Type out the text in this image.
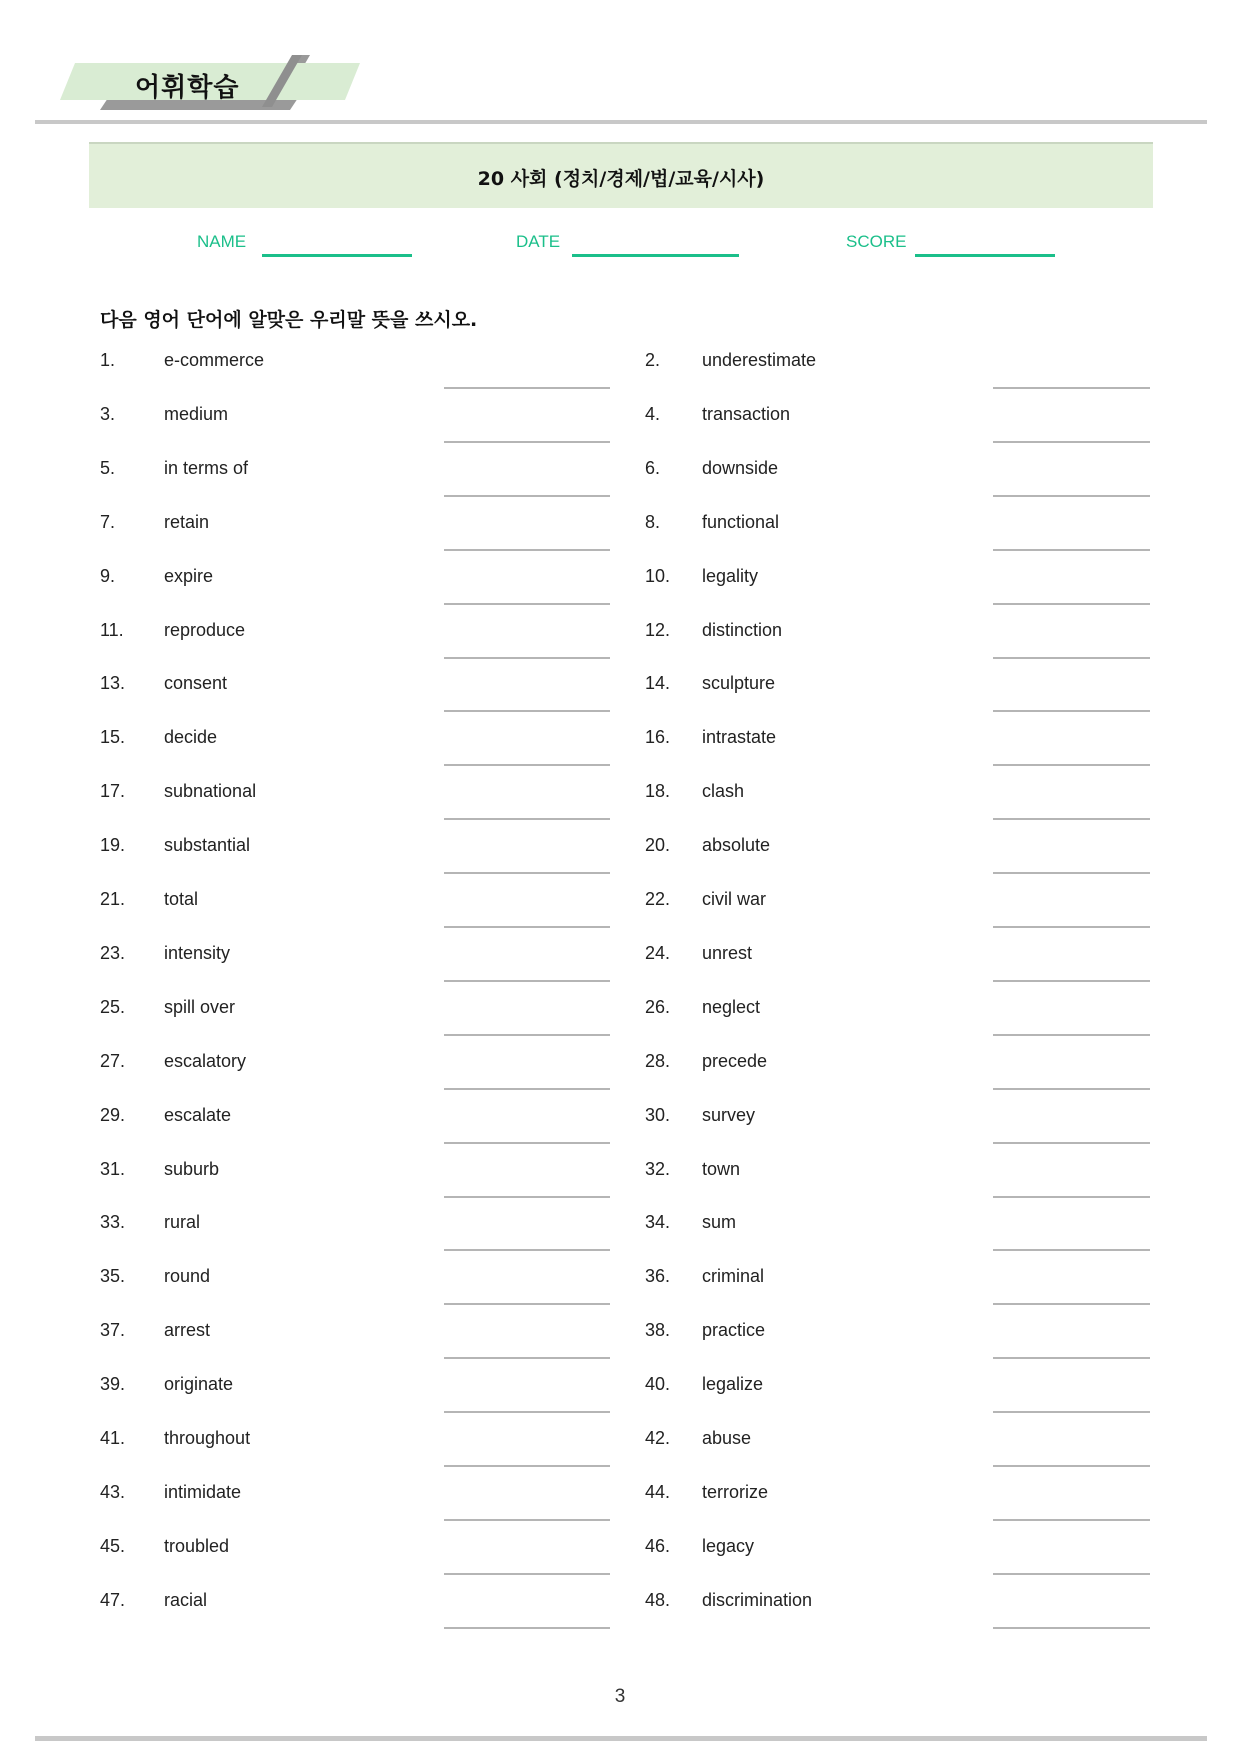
어휘학습
20 사회 (정치/경제/법/교육/시사)
NAME	DATE	SCORE
다음 영어 단어에 알맞은 우리말 뜻을 쓰시오.
1.	e-commerce	2. underestimate
3.	medium	4. transaction
5.	in terms of	6. downside
7.	retain	8. functional
9.	expire	10. legality
11. reproduce	12. distinction
13. consent	14. sculpture
15. decide	16. intrastate
17. subnational	18. clash
19. substantial	20. absolute
21. total	22. civil war
23. intensity	24. unrest
25. spill over	26. neglect
27. escalatory	28. precede
29. escalate	30. survey
31. suburb	32. town
33. rural	34. sum
35. round	36. criminal
37. arrest	38. practice
39. originate	40. legalize
41. throughout	42. abuse
43. intimidate	44. terrorize
45. troubled	46. legacy
47. racial	48. discrimination
3
